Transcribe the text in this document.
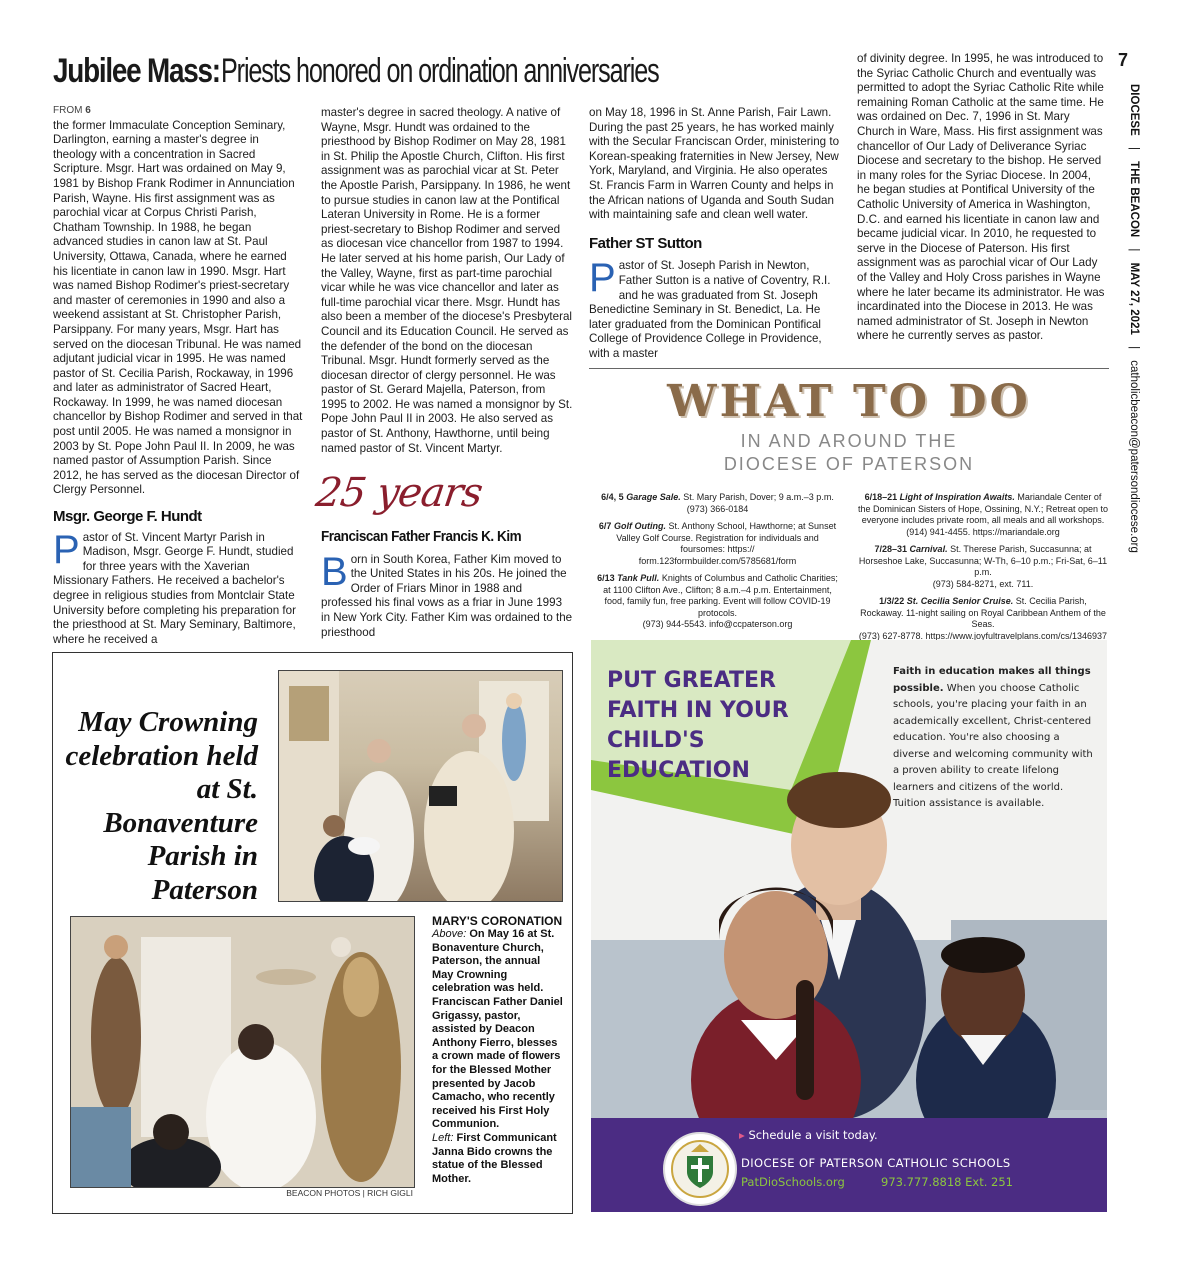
Jubilee Mass: Priests honored on ordination anniversaries
FROM 6

the former Immaculate Conception Seminary, Darlington, earning a master's degree in theology with a concentration in Sacred Scripture. Msgr. Hart was ordained on May 9, 1981 by Bishop Frank Rodimer in Annunciation Parish, Wayne. His first assignment was as parochial vicar at Corpus Christi Parish, Chatham Township. In 1988, he began advanced studies in canon law at St. Paul University, Ottawa, Canada, where he earned his licentiate in canon law in 1990. Msgr. Hart was named Bishop Rodimer's priest-secretary and master of ceremonies in 1990 and also a weekend assistant at St. Christopher Parish, Parsippany. For many years, Msgr. Hart has served on the diocesan Tribunal. He was named adjutant judicial vicar in 1995. He was named pastor of St. Cecilia Parish, Rockaway, in 1996 and later as administrator of Sacred Heart, Rockaway. In 1999, he was named diocesan chancellor by Bishop Rodimer and served in that post until 2005. He was named a monsignor in 2003 by St. Pope John Paul II. In 2009, he was named pastor of Assumption Parish. Since 2012, he has served as the diocesan Director of Clergy Personnel.

Msgr. George F. Hundt

Pastor of St. Vincent Martyr Parish in Madison, Msgr. George F. Hundt, studied for three years with the Xaverian Missionary Fathers. He received a bachelor's degree in religious studies from Montclair State University before completing his preparation for the priesthood at St. Mary Seminary, Baltimore, where he received a

master's degree in sacred theology. A native of Wayne, Msgr. Hundt was ordained to the priesthood by Bishop Rodimer on May 28, 1981 in St. Philip the Apostle Church, Clifton. His first assignment was as parochial vicar at St. Peter the Apostle Parish, Parsippany. In 1986, he went to pursue studies in canon law at the Pontifical Lateran University in Rome. He is a former priest-secretary to Bishop Rodimer and served as diocesan vice chancellor from 1987 to 1994. He later served at his home parish, Our Lady of the Valley, Wayne, first as part-time parochial vicar while he was vice chancellor and later as full-time parochial vicar there. Msgr. Hundt has also been a member of the diocese's Presbyteral Council and its Education Council. He served as the defender of the bond on the diocesan Tribunal. Msgr. Hundt formerly served as the diocesan director of clergy personnel. He was pastor of St. Gerard Majella, Paterson, from 1995 to 2002. He was named a monsignor by St. Pope John Paul II in 2003. He also served as pastor of St. Anthony, Hawthorne, until being named pastor of St. Vincent Martyr.

25 years
Franciscan Father Francis K. Kim

Born in South Korea, Father Kim moved to the United States in his 20s. He joined the Order of Friars Minor in 1988 and professed his final vows as a friar in June 1993 in New York City. Father Kim was ordained to the priesthood

on May 18, 1996 in St. Anne Parish, Fair Lawn. During the past 25 years, he has worked mainly with the Secular Franciscan Order, ministering to Korean-speaking fraternities in New Jersey, New York, Maryland, and Virginia. He also operates St. Francis Farm in Warren County and helps in the African nations of Uganda and South Sudan with maintaining safe and clean well water.

Father ST Sutton

Pastor of St. Joseph Parish in Newton, Father Sutton is a native of Coventry, R.I. and he was graduated from St. Joseph Benedictine Seminary in St. Benedict, La. He later graduated from the Dominican Pontifical College of Providence College in Providence, with a master

of divinity degree. In 1995, he was introduced to the Syriac Catholic Church and eventually was permitted to adopt the Syriac Catholic Rite while remaining Roman Catholic at the same time. He was ordained on Dec. 7, 1996 in St. Mary Church in Ware, Mass. His first assignment was chancellor of Our Lady of Deliverance Syriac Diocese and secretary to the bishop. He served in many roles for the Syriac Diocese. In 2004, he began studies at Pontifical University of the Catholic University of America in Washington, D.C. and earned his licentiate in canon law and became judicial vicar. In 2010, he requested to serve in the Diocese of Paterson. His first assignment was as parochial vicar of Our Lady of the Valley and Holy Cross parishes in Wayne where he later became its administrator. He was incardinated into the Diocese in 2013. He was named administrator of St. Joseph in Newton where he currently serves as pastor.

7
DIOCESE | THE BEACON | MAY 27, 2021 | catholicbeacon@patersondiocese.org
WHAT TO DO
IN AND AROUND THE
DIOCESE OF PATERSON
6/4, 5 Garage Sale. St. Mary Parish, Dover; 9 a.m.–3 p.m.
(973) 366-0184
6/7 Golf Outing. St. Anthony School, Hawthorne; at Sunset Valley Golf Course. Registration for individuals and foursomes: https://
form.123formbuilder.com/5785681/form
6/13 Tank Pull. Knights of Columbus and Catholic Charities; at 1100 Clifton Ave., Clifton; 8 a.m.–4 p.m. Entertainment, food, family fun, free parking. Event will follow COVID-19 protocols.
(973) 944-5543. info@ccpaterson.org
6/18–21 Light of Inspiration Awaits. Mariandale Center of the Dominican Sisters of Hope, Ossining, N.Y.; Retreat open to everyone includes private room, all meals and all workshops.
(914) 941-4455. https://mariandale.org
7/28–31 Carnival. St. Therese Parish, Succasunna; at Horseshoe Lake, Succasunna; W-Th, 6–10 p.m.; Fri-Sat, 6–11 p.m.
(973) 584-8271, ext. 711.
1/3/22 St. Cecilia Senior Cruise. St. Cecilia Parish, Rockaway. 11-night sailing on Royal Caribbean Anthem of the Seas.
(973) 627-8778. https://www.joyfultravelplans.com/cs/1346937
May Crowning celebration held at St. Bonaventure Parish in Paterson
BEACON PHOTOS | RICH GIGLI
MARY'S CORONATION
Above: On May 16 at St. Bonaventure Church, Paterson, the annual May Crowning celebration was held. Franciscan Father Daniel Grigassy, pastor, assisted by Deacon Anthony Fierro, blesses a crown made of flowers for the Blessed Mother presented by Jacob Camacho, who recently received his First Holy Communion.
Left: First Communicant Janna Bido crowns the statue of the Blessed Mother.
PUT GREATER FAITH IN YOUR CHILD'S EDUCATION
Faith in education makes all things possible. When you choose Catholic schools, you're placing your faith in an academically excellent, Christ-centered education. You're also choosing a diverse and welcoming community with a proven ability to create lifelong learners and citizens of the world. Tuition assistance is available.
▸ Schedule a visit today.
DIOCESE OF PATERSON CATHOLIC SCHOOLS
PatDioSchools.org	973.777.8818 Ext. 251
